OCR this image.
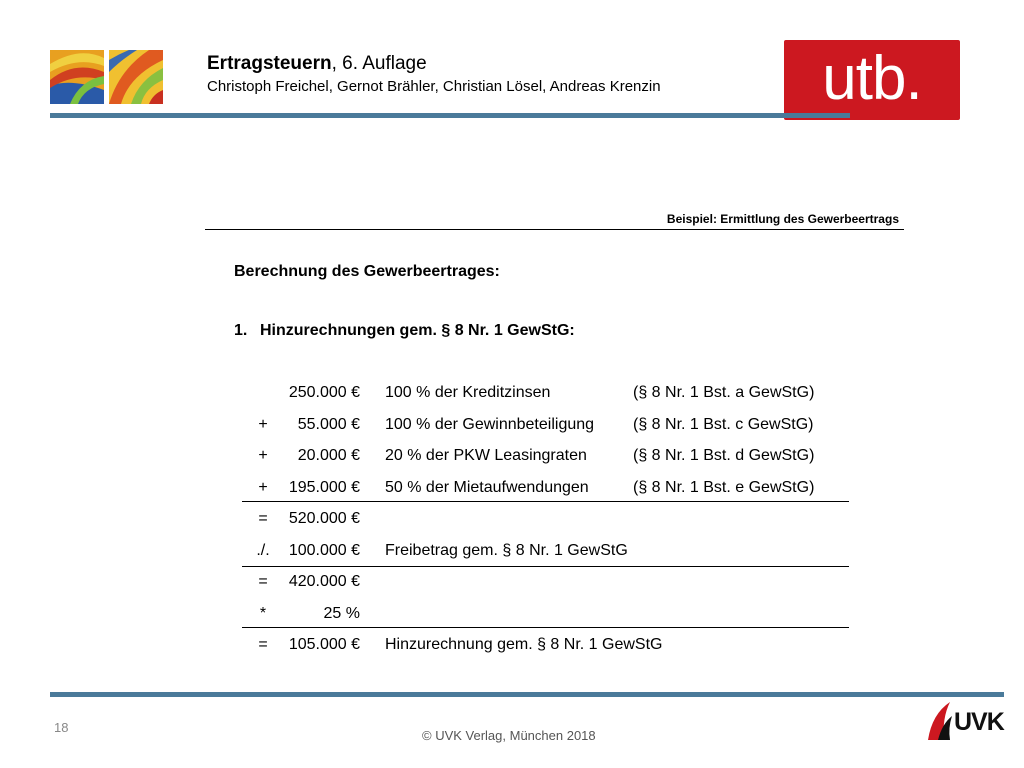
Ertragsteuern, 6. Auflage
Christoph Freichel, Gernot Brähler, Christian Lösel, Andreas Krenzin	utb.
Beispiel: Ermittlung des Gewerbeertrags
Berechnung des Gewerbeertrages:
1. Hinzurechnungen gem. § 8 Nr. 1 GewStG:
250.000 € 100 % der Kreditzinsen	(§ 8 Nr. 1 Bst. a GewStG)
+	55.000 € 100 % der Gewinnbeteiligung (§ 8 Nr. 1 Bst. c GewStG)
+	20.000 € 20 % der PKW Leasingraten	(§ 8 Nr. 1 Bst. d GewStG)
+	195.000 € 50 % der Mietaufwendungen	(§ 8 Nr. 1 Bst. e GewStG)
=	520.000 €
./.	100.000 € Freibetrag gem. § 8 Nr. 1 GewStG
=	420.000 €
*	25 %
=	105.000 € Hinzurechnung gem. § 8 Nr. 1 GewStG
18
© UVK Verlag, München 2018	UVK
